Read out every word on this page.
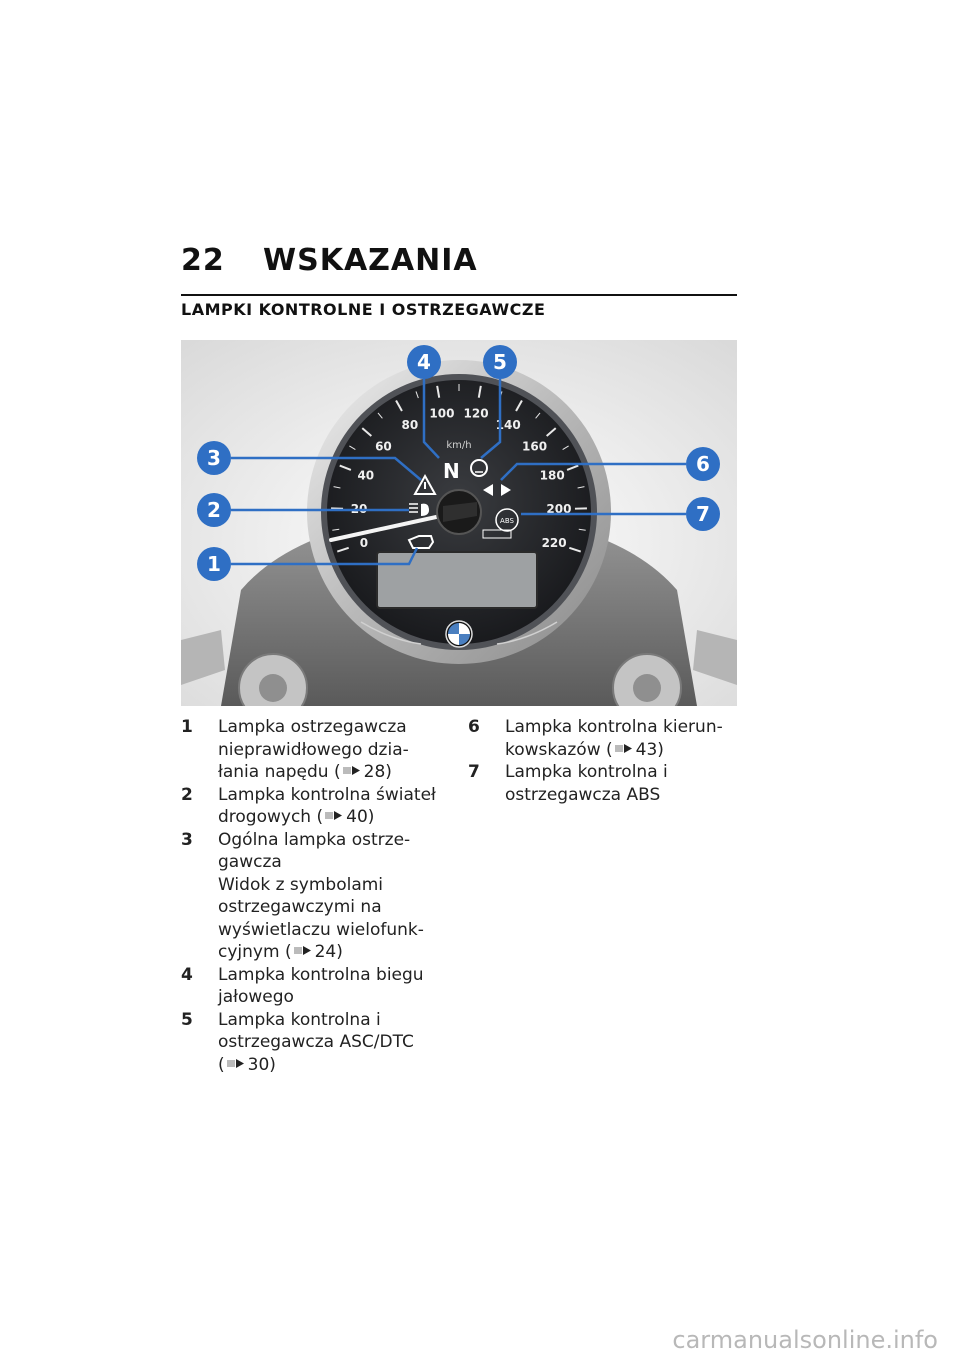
22	WSKAZANIA
LAMPKI KONTROLNE I OSTRZEGAWCZE
0
20
40
60
80
100 120
140
160
180
200
220
km/h
N
ABS
1
2
3
4	5
6
7
1	Lampka ostrzegawcza
nieprawidłowego dzia-
łania napędu ( 28)
2	Lampka kontrolna świateł
drogowych ( 40)
3	Ogólna lampka ostrze-
gawcza
Widok z symbolami
ostrzegawczymi na
wyświetlaczu wielofunk-
cyjnym ( 24)
4	Lampka kontrolna biegu
jałowego
5	Lampka kontrolna i
ostrzegawcza ASC/DTC
( 30)
6	Lampka kontrolna kierun-
kowskazów ( 43)
7	Lampka kontrolna i
ostrzegawcza ABS
carmanualsonline.info
